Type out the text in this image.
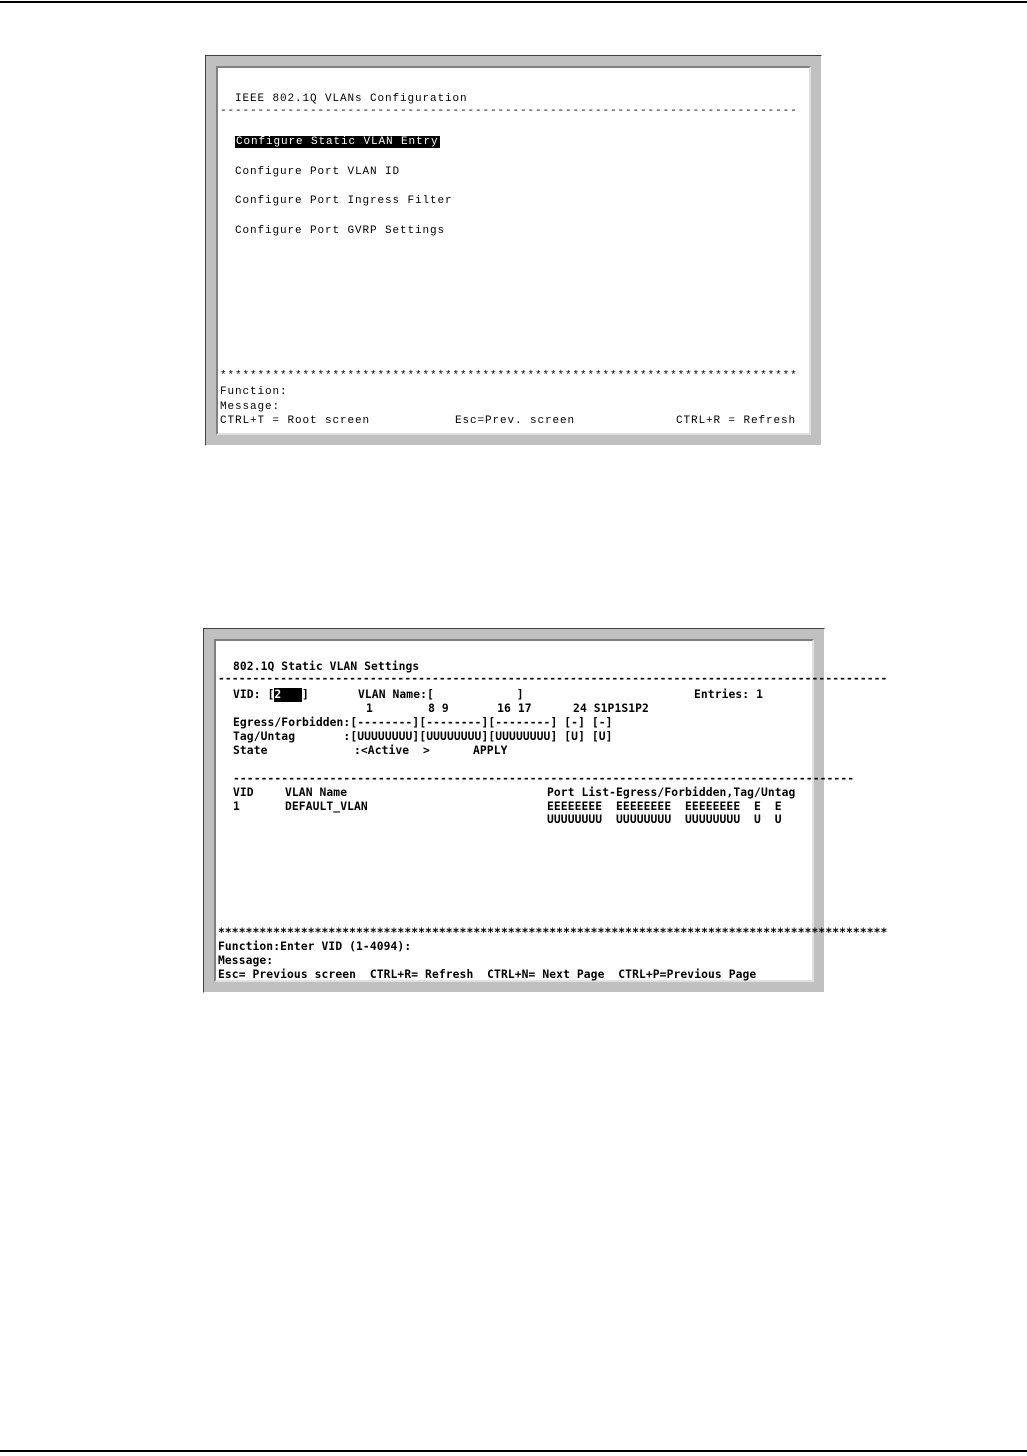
IEEE 802.1Q VLANs Configuration
-----------------------------------------------------------------------------
Configure Static VLAN Entry
Configure Port VLAN ID
Configure Port Ingress Filter
Configure Port GVRP Settings
*****************************************************************************
Function:
Message:
CTRL+T = Root screen	Esc=Prev. screen	CTRL+R = Refresh
802.1Q Static VLAN Settings
-------------------------------------------------------------------------------------------------
VID: [2 ]	VLAN Name:[	]	Entries: 1
1        8 9       16 17      24 S1P1S1P2
Egress/Forbidden:[--------][--------][--------] [-] [-]
Tag/Untag       :[UUUUUUUU][UUUUUUUU][UUUUUUUU] [U] [U]
State	:<Active  >	APPLY
------------------------------------------------------------------------------------------
VID	VLAN Name	Port List-Egress/Forbidden,Tag/Untag
1	DEFAULT_VLAN	EEEEEEEE  EEEEEEEE  EEEEEEEE  E  E
UUUUUUUU  UUUUUUUU  UUUUUUUU  U  U
*************************************************************************************************
Function:Enter VID (1-4094):
Message:
Esc= Previous screen  CTRL+R= Refresh  CTRL+N= Next Page  CTRL+P=Previous Page
